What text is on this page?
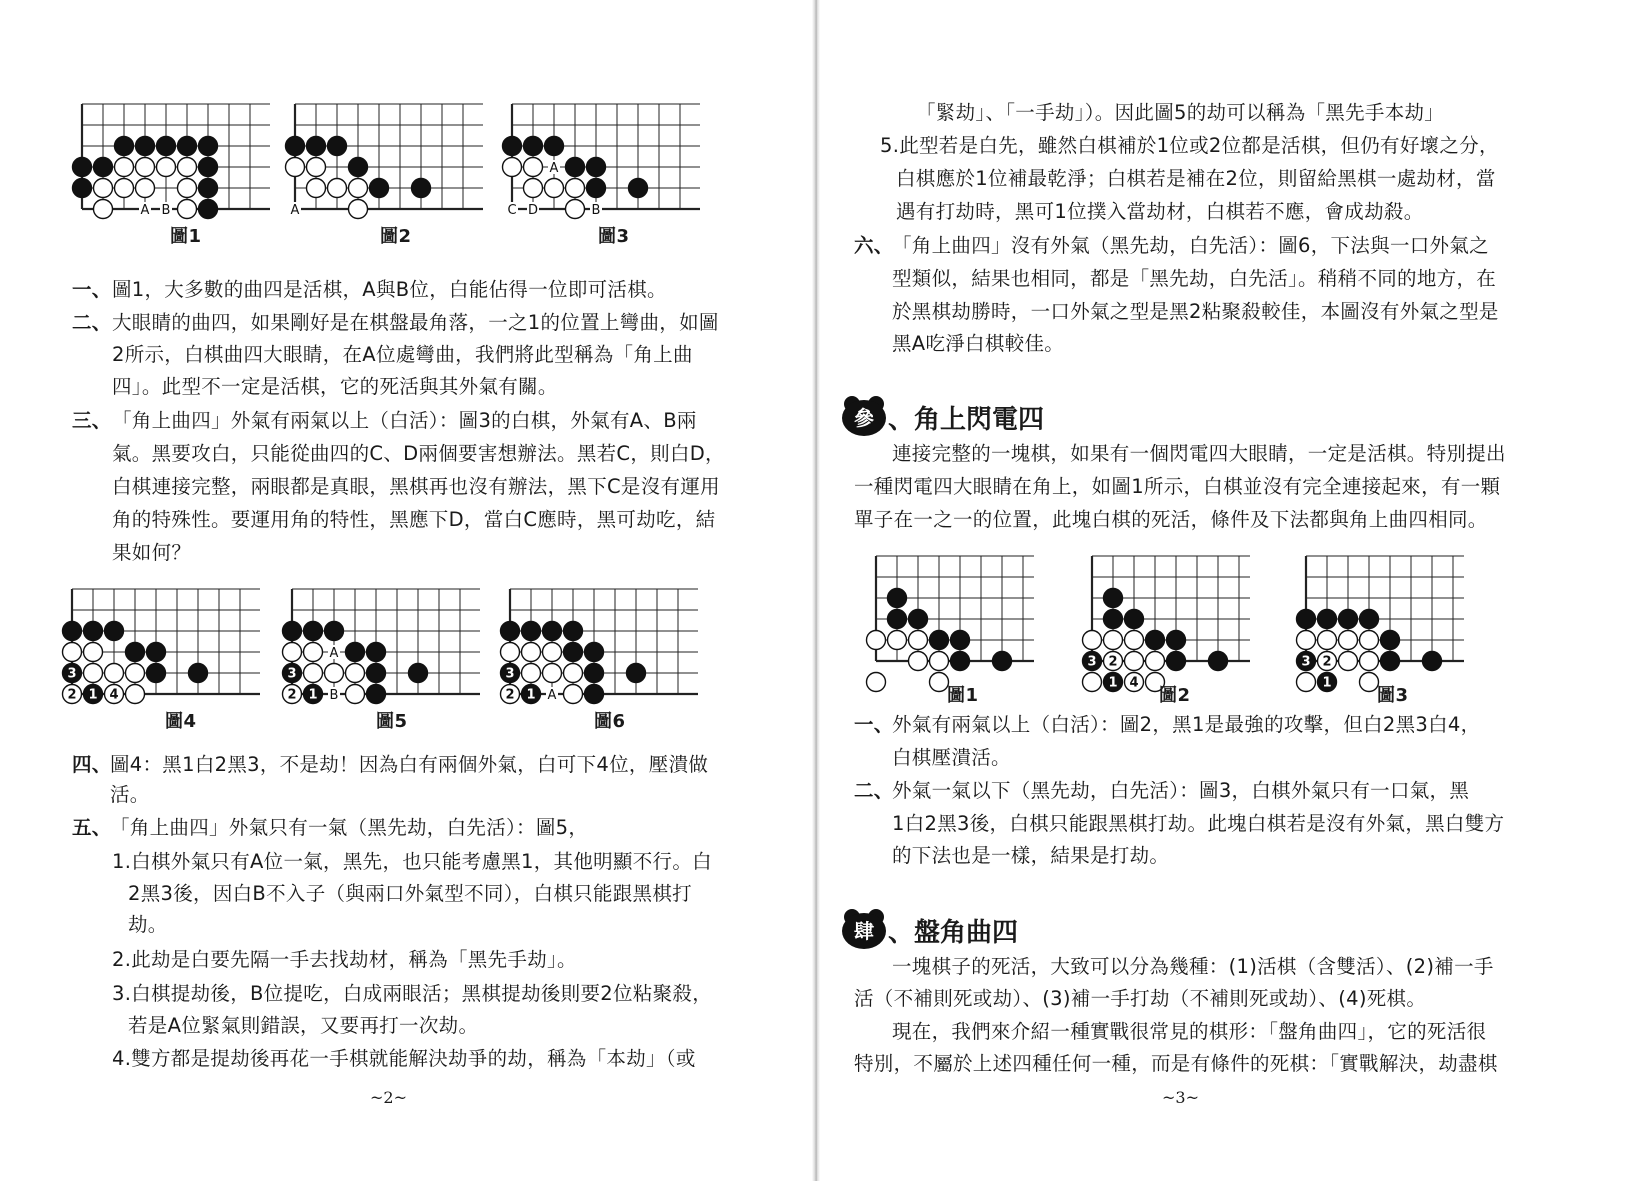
A B	A
A
C D	B
圖1	圖2	圖3
一、 圖1，大多數的曲四是活棋，A與B位，白能佔得一位即可活棋。
二、 大眼睛的曲四，如果剛好是在棋盤最角落，一之1的位置上彎曲，如圖
2所示，白棋曲四大眼睛，在A位處彎曲，我們將此型稱為「角上曲
四」。此型不一定是活棋，它的死活與其外氣有關。
三、 「角上曲四」外氣有兩氣以上（白活）：圖3的白棋，外氣有A、B兩
氣。黑要攻白，只能從曲四的C、D兩個要害想辦法。黑若C，則白D，
白棋連接完整，兩眼都是真眼，黑棋再也沒有辦法，黑下C是沒有運用
角的特殊性。要運用角的特性，黑應下D，當白C應時，黑可劫吃，結
果如何？
3
2 1 4
3
2 1
A
B
3
2 1 A
圖4	圖5	圖6
四、
圖4：黑1白2黑3，不是劫！因為白有兩個外氣，白可下4位，壓潰做
活。
五、
「角上曲四」外氣只有一氣（黑先劫，白先活）：圖5，
1.白棋外氣只有A位一氣，黑先，也只能考慮黑1，其他明顯不行。白
2黑3後，因白B不入子（與兩口外氣型不同），白棋只能跟黑棋打
劫。
2.此劫是白要先隔一手去找劫材，稱為「黑先手劫」。
3.白棋提劫後，B位提吃，白成兩眼活；黑棋提劫後則要2位粘聚殺，
若是A位緊氣則錯誤，又要再打一次劫。
4.雙方都是提劫後再花一手棋就能解決劫爭的劫，稱為「本劫」（或
~2~
「緊劫」、「一手劫」）。因此圖5的劫可以稱為「黑先手本劫」
5.此型若是白先，雖然白棋補於1位或2位都是活棋，但仍有好壞之分，
白棋應於1位補最乾淨；白棋若是補在2位，則留給黑棋一處劫材，當
遇有打劫時，黑可1位撲入當劫材，白棋若不應，會成劫殺。
六、
「角上曲四」沒有外氣（黑先劫，白先活）：圖6，下法與一口外氣之
型類似，結果也相同，都是「黑先劫，白先活」。稍稍不同的地方，在
於黑棋劫勝時，一口外氣之型是黑2粘聚殺較佳，本圖沒有外氣之型是
黑A吃淨白棋較佳。
參 、角上閃電四
連接完整的一塊棋，如果有一個閃電四大眼睛，一定是活棋。特別提出
一種閃電四大眼睛在角上，如圖1所示，白棋並沒有完全連接起來，有一顆
單子在一之一的位置，此塊白棋的死活，條件及下法都與角上曲四相同。
3 2
1 4
3 2
1
圖1	圖2	圖3
一、
外氣有兩氣以上（白活）：圖2，黑1是最強的攻擊，但白2黑3白4，
白棋壓潰活。
二、
外氣一氣以下（黑先劫，白先活）：圖3，白棋外氣只有一口氣，黑
1白2黑3後，白棋只能跟黑棋打劫。此塊白棋若是沒有外氣，黑白雙方
的下法也是一樣，結果是打劫。
肆 、盤角曲四
一塊棋子的死活，大致可以分為幾種：(1)活棋（含雙活）、(2)補一手
活（不補則死或劫）、(3)補一手打劫（不補則死或劫）、(4)死棋。
現在，我們來介紹一種實戰很常見的棋形：「盤角曲四」，它的死活很
特別，不屬於上述四種任何一種，而是有條件的死棋：「實戰解決，劫盡棋
~3~
